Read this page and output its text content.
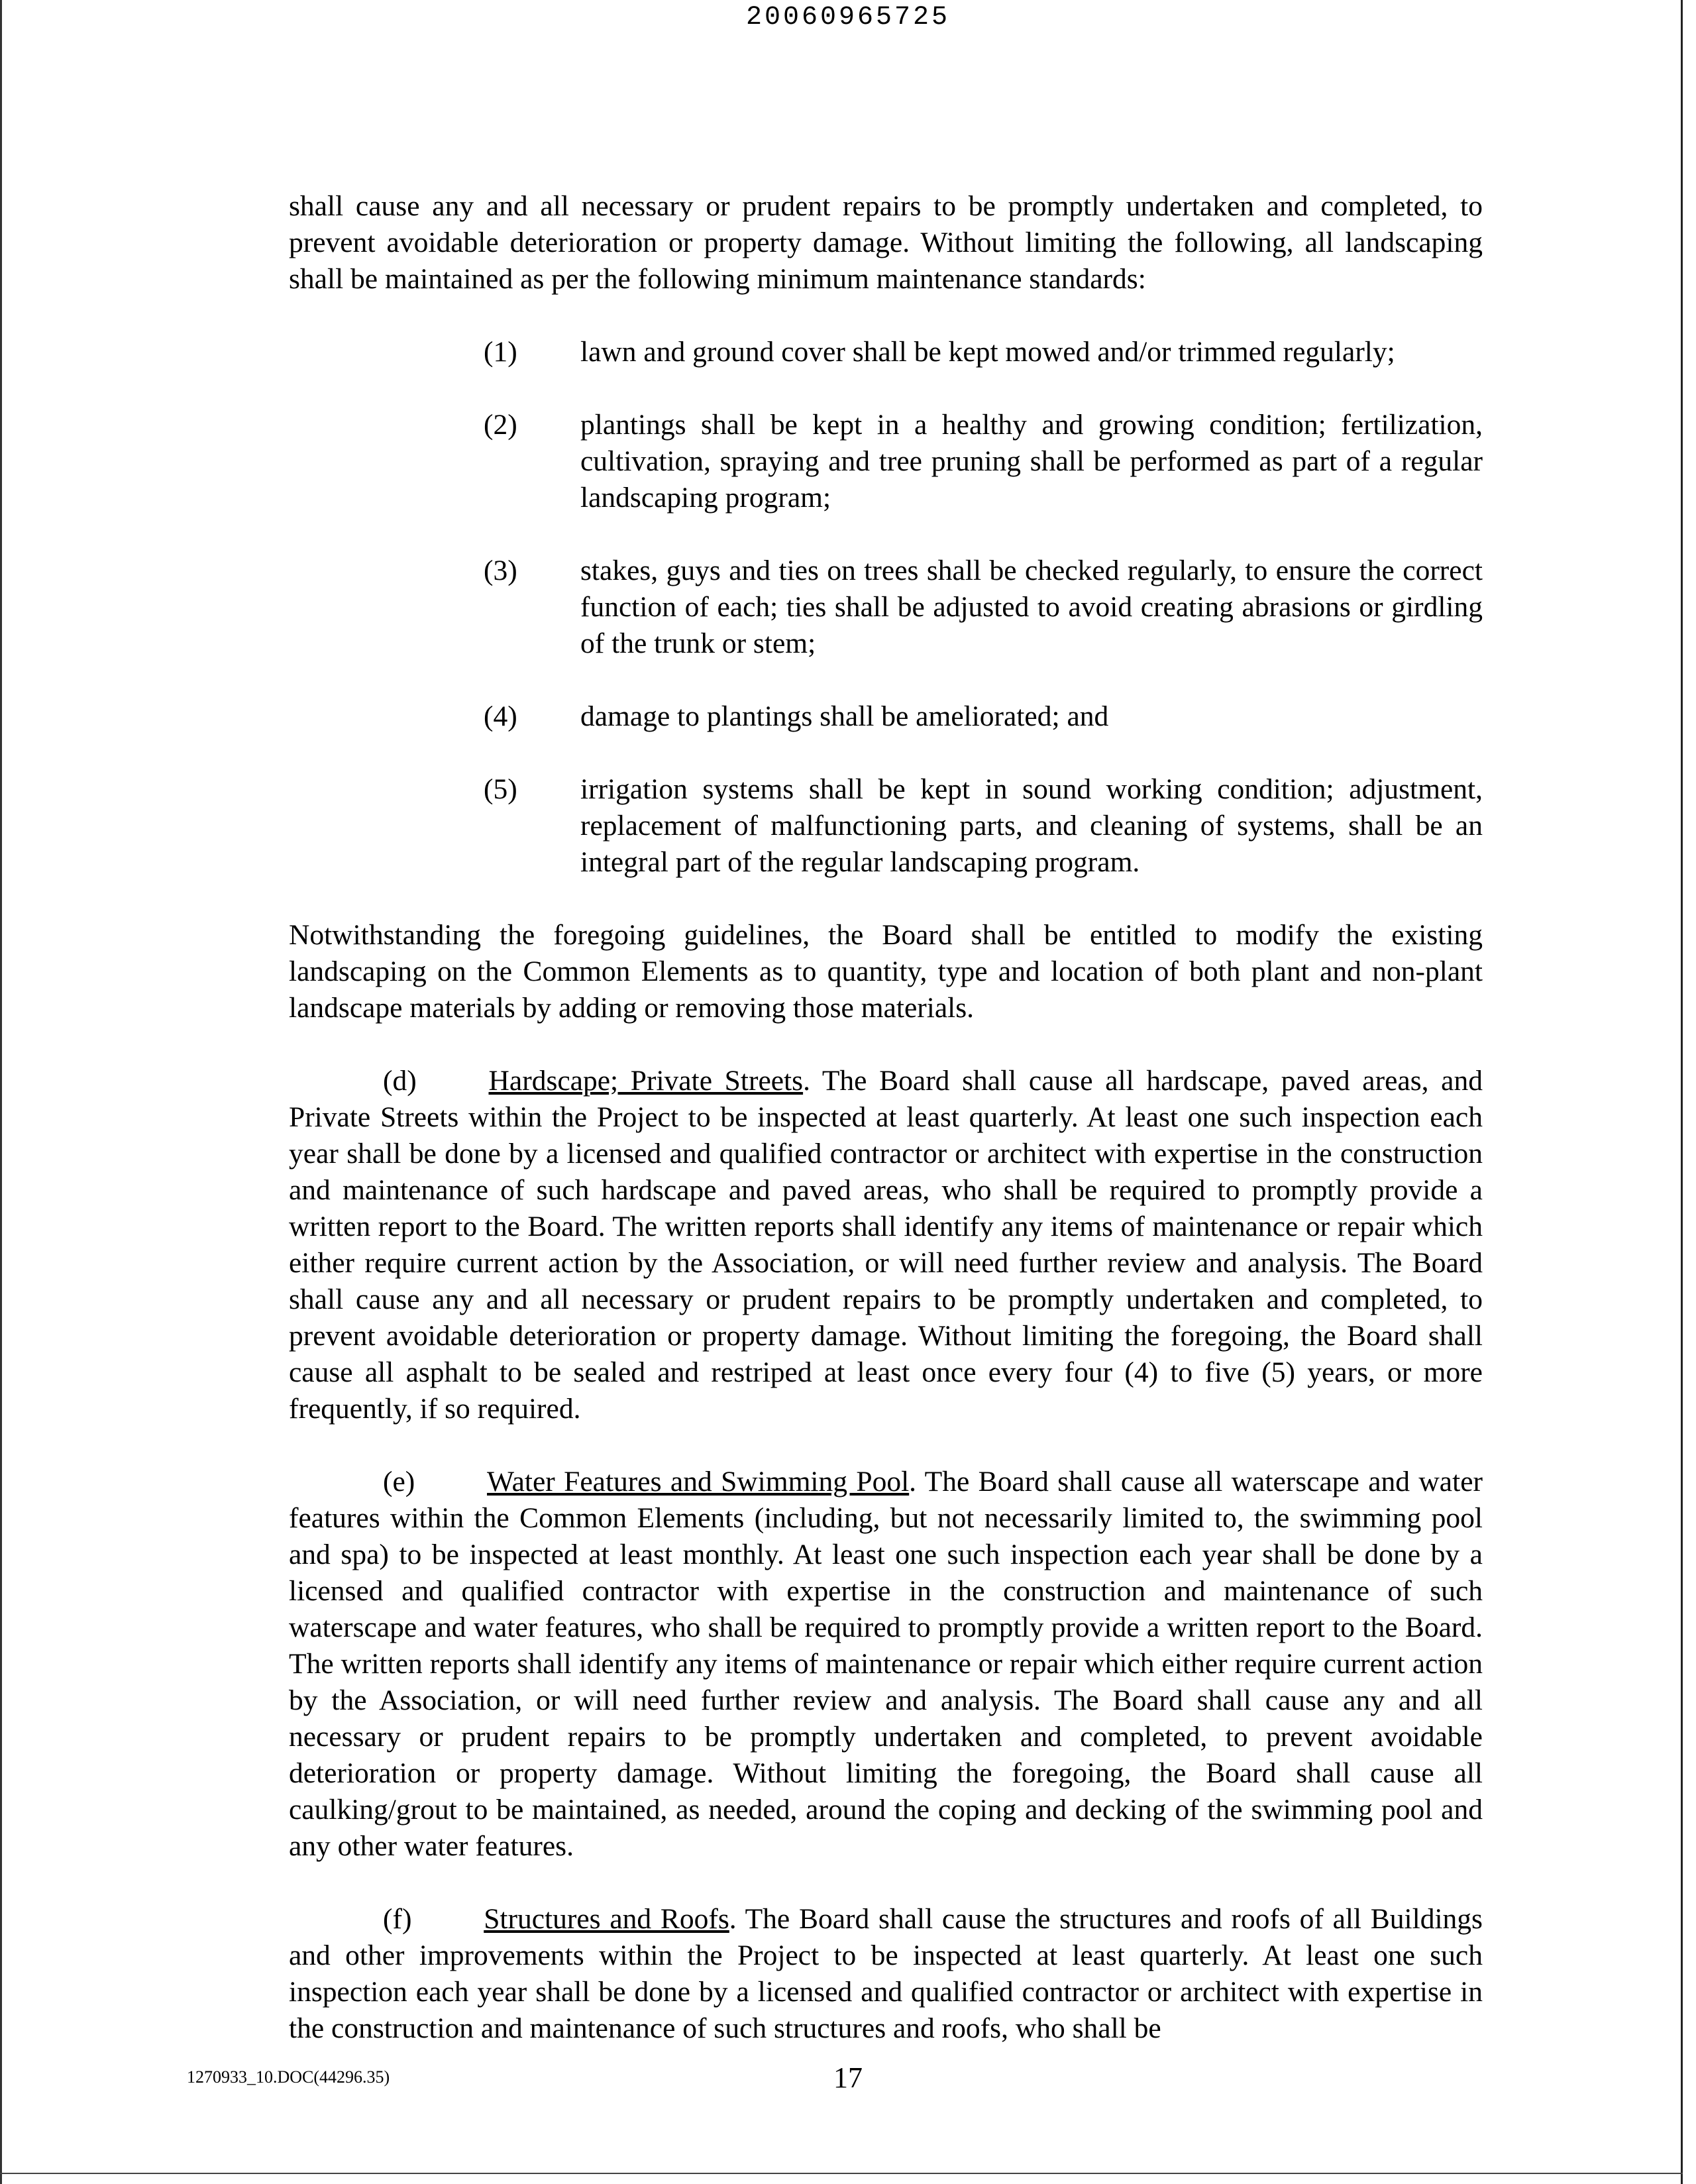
20060965725

shall cause any and all necessary or prudent repairs to be promptly undertaken and completed, to prevent avoidable deterioration or property damage. Without limiting the following, all landscaping shall be maintained as per the following minimum maintenance standards:

(1)	lawn and ground cover shall be kept mowed and/or trimmed regularly;
(2)	plantings shall be kept in a healthy and growing condition; fertilization, cultivation, spraying and tree pruning shall be performed as part of a regular landscaping program;
(3)	stakes, guys and ties on trees shall be checked regularly, to ensure the correct function of each; ties shall be adjusted to avoid creating abrasions or girdling of the trunk or stem;
(4)	damage to plantings shall be ameliorated; and
(5)	irrigation systems shall be kept in sound working condition; adjustment, replacement of malfunctioning parts, and cleaning of systems, shall be an integral part of the regular landscaping program.

Notwithstanding the foregoing guidelines, the Board shall be entitled to modify the existing landscaping on the Common Elements as to quantity, type and location of both plant and non-plant landscape materials by adding or removing those materials.

(d)   	Hardscape; Private Streets. The Board shall cause all hardscape, paved areas, and Private Streets within the Project to be inspected at least quarterly. At least one such inspection each year shall be done by a licensed and qualified contractor or architect with expertise in the construction and maintenance of such hardscape and paved areas, who shall be required to promptly provide a written report to the Board. The written reports shall identify any items of maintenance or repair which either require current action by the Association, or will need further review and analysis. The Board shall cause any and all necessary or prudent repairs to be promptly undertaken and completed, to prevent avoidable deterioration or property damage. Without limiting the foregoing, the Board shall cause all asphalt to be sealed and restriped at least once every four (4) to five (5) years, or more frequently, if so required.

(e)   	Water Features and Swimming Pool. The Board shall cause all waterscape and water features within the Common Elements (including, but not necessarily limited to, the swimming pool and spa) to be inspected at least monthly. At least one such inspection each year shall be done by a licensed and qualified contractor with expertise in the construction and maintenance of such waterscape and water features, who shall be required to promptly provide a written report to the Board. The written reports shall identify any items of maintenance or repair which either require current action by the Association, or will need further review and analysis. The Board shall cause any and all necessary or prudent repairs to be promptly undertaken and completed, to prevent avoidable deterioration or property damage. Without limiting the foregoing, the Board shall cause all caulking/grout to be maintained, as needed, around the coping and decking of the swimming pool and any other water features.

(f)   	Structures and Roofs. The Board shall cause the structures and roofs of all Buildings and other improvements within the Project to be inspected at least quarterly. At least one such inspection each year shall be done by a licensed and qualified contractor or architect with expertise in the construction and maintenance of such structures and roofs, who shall be

1270933_10.DOC(44296.35)	17
